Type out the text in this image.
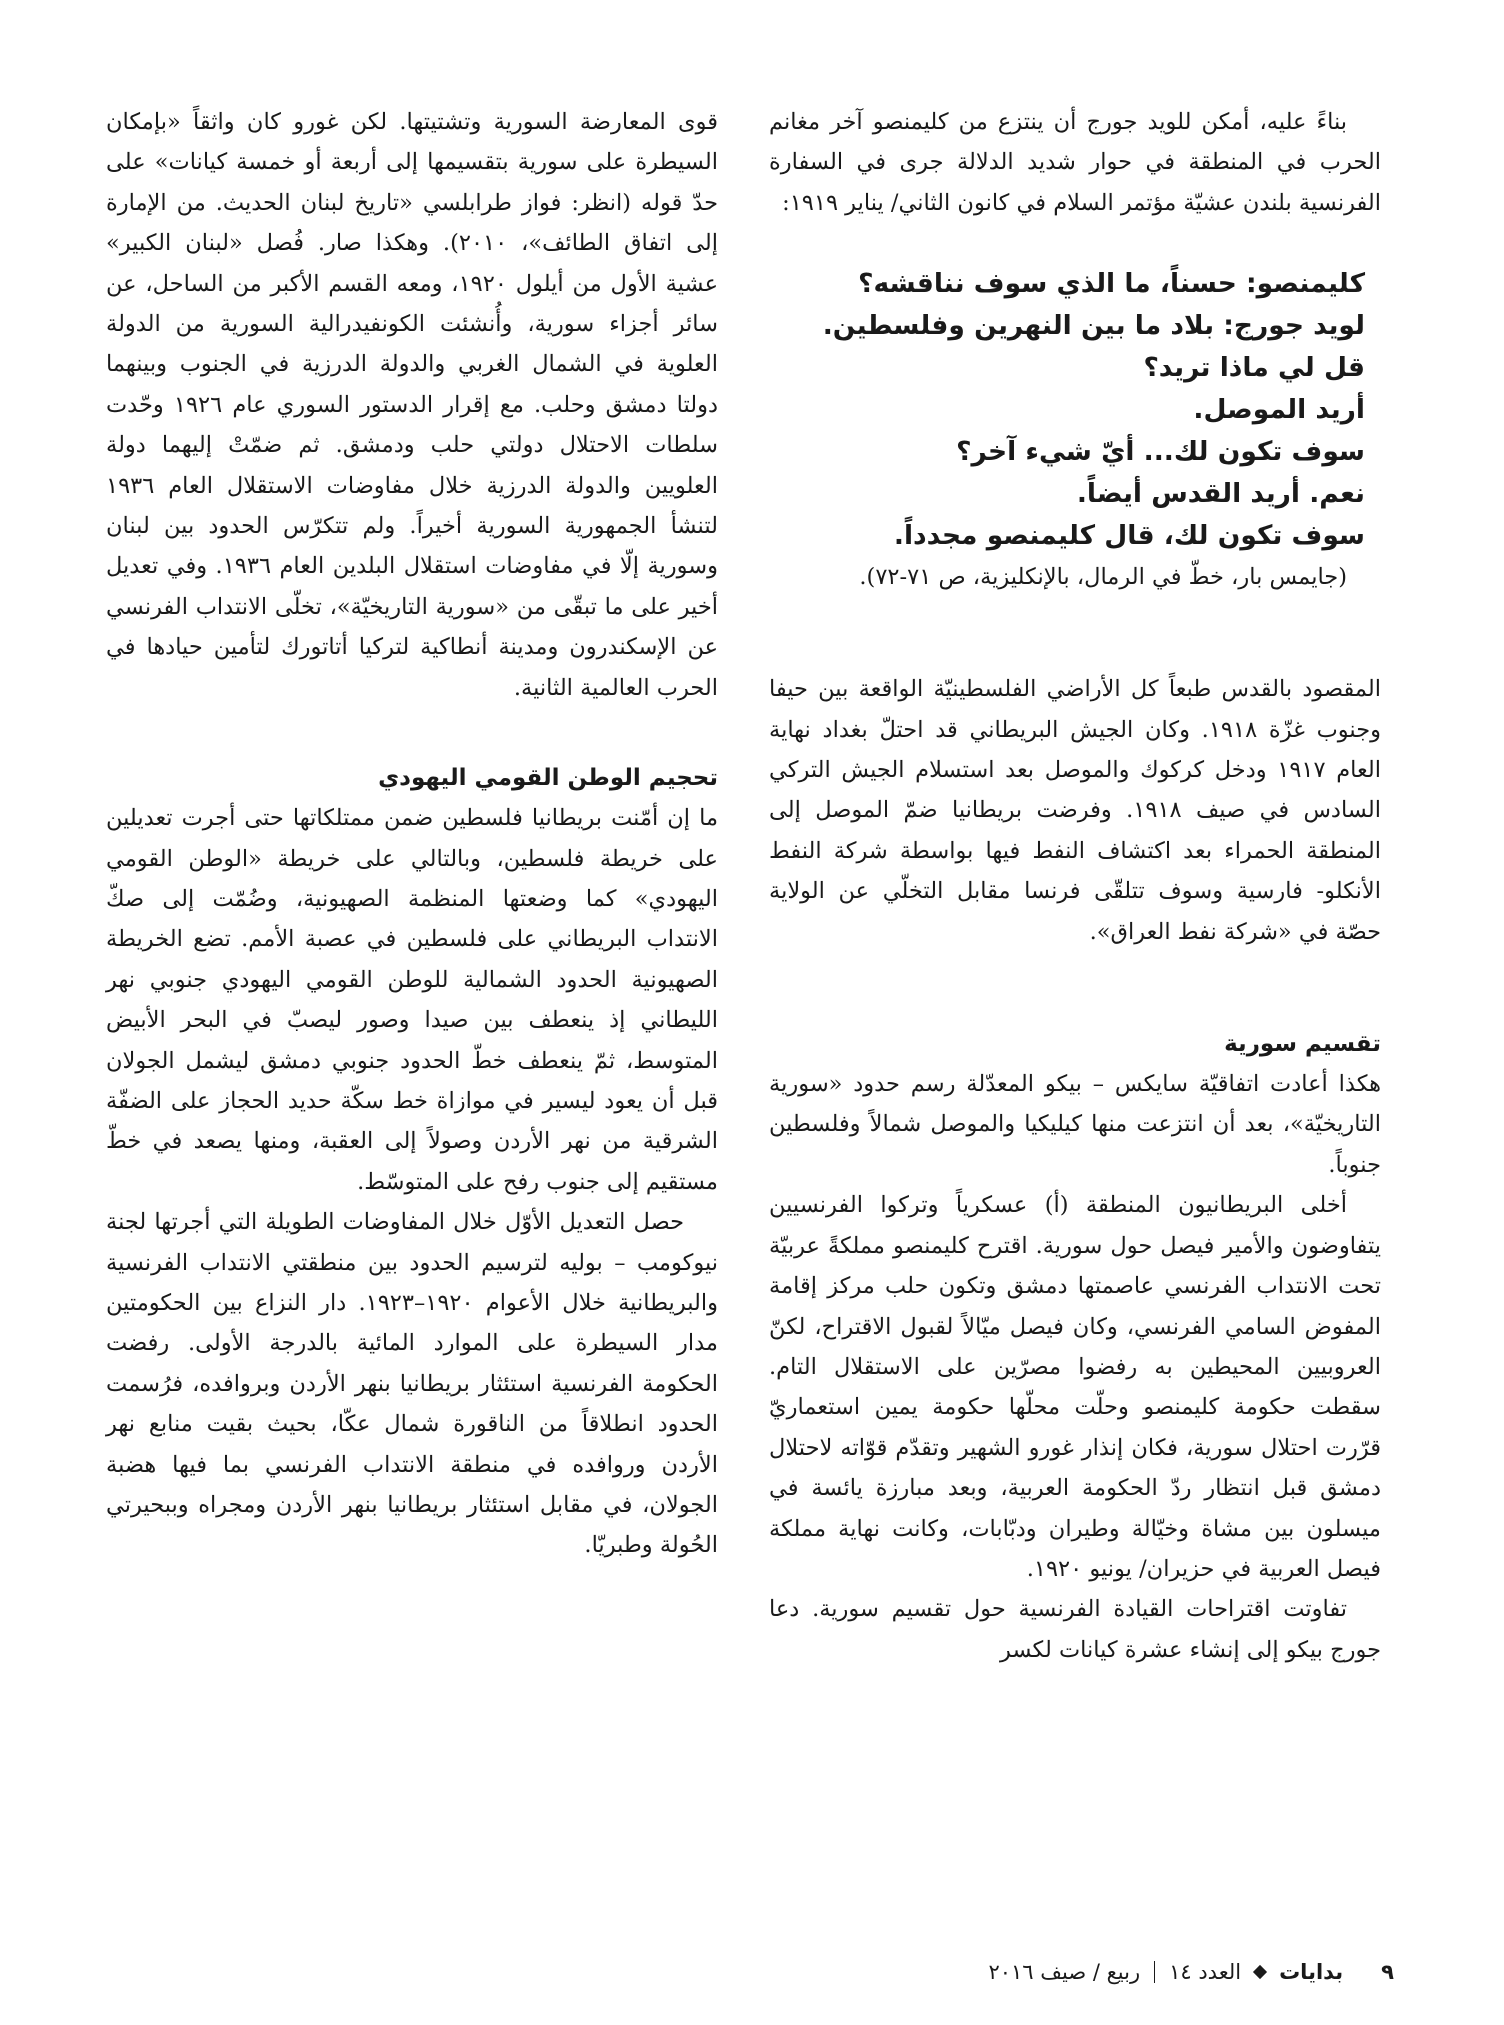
بناءً عليه، أمكن للويد جورج أن ينتزع من كليمنصو آخر مغانم الحرب في المنطقة في حوار شديد الدلالة جرى في السفارة الفرنسية بلندن عشيّة مؤتمر السلام في كانون الثاني/ يناير ١٩١٩:

كليمنصو: حسناً، ما الذي سوف نناقشه؟
لويد جورج: بلاد ما بين النهرين وفلسطين.
قل لي ماذا تريد؟
أريد الموصل.
سوف تكون لك... أيّ شيء آخر؟
نعم. أريد القدس أيضاً.
سوف تكون لك، قال كليمنصو مجدداً.

(جايمس بار، خطّ في الرمال، بالإنكليزية، ص ٧١-٧٢).

المقصود بالقدس طبعاً كل الأراضي الفلسطينيّة الواقعة بين حيفا وجنوب غزّة ١٩١٨. وكان الجيش البريطاني قد احتلّ بغداد نهاية العام ١٩١٧ ودخل كركوك والموصل بعد استسلام الجيش التركي السادس في صيف ١٩١٨. وفرضت بريطانيا ضمّ الموصل إلى المنطقة الحمراء بعد اكتشاف النفط فيها بواسطة شركة النفط الأنكلو- فارسية وسوف تتلقّى فرنسا مقابل التخلّي عن الولاية حصّة في «شركة نفط العراق».

تقسيم سورية

هكذا أعادت اتفاقيّة سايكس – بيكو المعدّلة رسم حدود «سورية التاريخيّة»، بعد أن انتزعت منها كيليكيا والموصل شمالاً وفلسطين جنوباً.

أخلى البريطانيون المنطقة (أ) عسكرياً وتركوا الفرنسيين يتفاوضون والأمير فيصل حول سورية. اقترح كليمنصو مملكةً عربيّة تحت الانتداب الفرنسي عاصمتها دمشق وتكون حلب مركز إقامة المفوض السامي الفرنسي، وكان فيصل ميّالاً لقبول الاقتراح، لكنّ العروبيين المحيطين به رفضوا مصرّين على الاستقلال التام. سقطت حكومة كليمنصو وحلّت محلّها حكومة يمين استعماريّ قرّرت احتلال سورية، فكان إنذار غورو الشهير وتقدّم قوّاته لاحتلال دمشق قبل انتظار ردّ الحكومة العربية، وبعد مبارزة يائسة في ميسلون بين مشاة وخيّالة وطيران ودبّابات، وكانت نهاية مملكة فيصل العربية في حزيران/ يونيو ١٩٢٠.

تفاوتت اقتراحات القيادة الفرنسية حول تقسيم سورية. دعا جورج بيكو إلى إنشاء عشرة كيانات لكسر

قوى المعارضة السورية وتشتيتها. لكن غورو كان واثقاً «بإمكان السيطرة على سورية بتقسيمها إلى أربعة أو خمسة كيانات» على حدّ قوله (انظر: فواز طرابلسي «تاريخ لبنان الحديث. من الإمارة إلى اتفاق الطائف»، ٢٠١٠). وهكذا صار. فُصل «لبنان الكبير» عشية الأول من أيلول ١٩٢٠، ومعه القسم الأكبر من الساحل، عن سائر أجزاء سورية، وأُنشئت الكونفيدرالية السورية من الدولة العلوية في الشمال الغربي والدولة الدرزية في الجنوب وبينهما دولتا دمشق وحلب. مع إقرار الدستور السوري عام ١٩٢٦ وحّدت سلطات الاحتلال دولتي حلب ودمشق. ثم ضمّتْ إليهما دولة العلويين والدولة الدرزية خلال مفاوضات الاستقلال العام ١٩٣٦ لتنشأ الجمهورية السورية أخيراً. ولم تتكرّس الحدود بين لبنان وسورية إلّا في مفاوضات استقلال البلدين العام ١٩٣٦. وفي تعديل أخير على ما تبقّى من «سورية التاريخيّة»، تخلّى الانتداب الفرنسي عن الإسكندرون ومدينة أنطاكية لتركيا أتاتورك لتأمين حيادها في الحرب العالمية الثانية.

تحجيم الوطن القومي اليهودي

ما إن أمّنت بريطانيا فلسطين ضمن ممتلكاتها حتى أجرت تعديلين على خريطة فلسطين، وبالتالي على خريطة «الوطن القومي اليهودي» كما وضعتها المنظمة الصهيونية، وضُمّت إلى صكّ الانتداب البريطاني على فلسطين في عصبة الأمم. تضع الخريطة الصهيونية الحدود الشمالية للوطن القومي اليهودي جنوبي نهر الليطاني إذ ينعطف بين صيدا وصور ليصبّ في البحر الأبيض المتوسط، ثمّ ينعطف خطّ الحدود جنوبي دمشق ليشمل الجولان قبل أن يعود ليسير في موازاة خط سكّة حديد الحجاز على الضفّة الشرقية من نهر الأردن وصولاً إلى العقبة، ومنها يصعد في خطّ مستقيم إلى جنوب رفح على المتوسّط.

حصل التعديل الأوّل خلال المفاوضات الطويلة التي أجرتها لجنة نيوكومب – بوليه لترسيم الحدود بين منطقتي الانتداب الفرنسية والبريطانية خلال الأعوام ١٩٢٠–١٩٢٣. دار النزاع بين الحكومتين مدار السيطرة على الموارد المائية بالدرجة الأولى. رفضت الحكومة الفرنسية استئثار بريطانيا بنهر الأردن وبروافده، فرُسمت الحدود انطلاقاً من الناقورة شمال عكّا، بحيث بقيت منابع نهر الأردن وروافده في منطقة الانتداب الفرنسي بما فيها هضبة الجولان، في مقابل استئثار بريطانيا بنهر الأردن ومجراه وببحيرتي الحُولة وطبريّا.

٩
بدايات
العدد ١٤
ربيع / صيف ٢٠١٦
